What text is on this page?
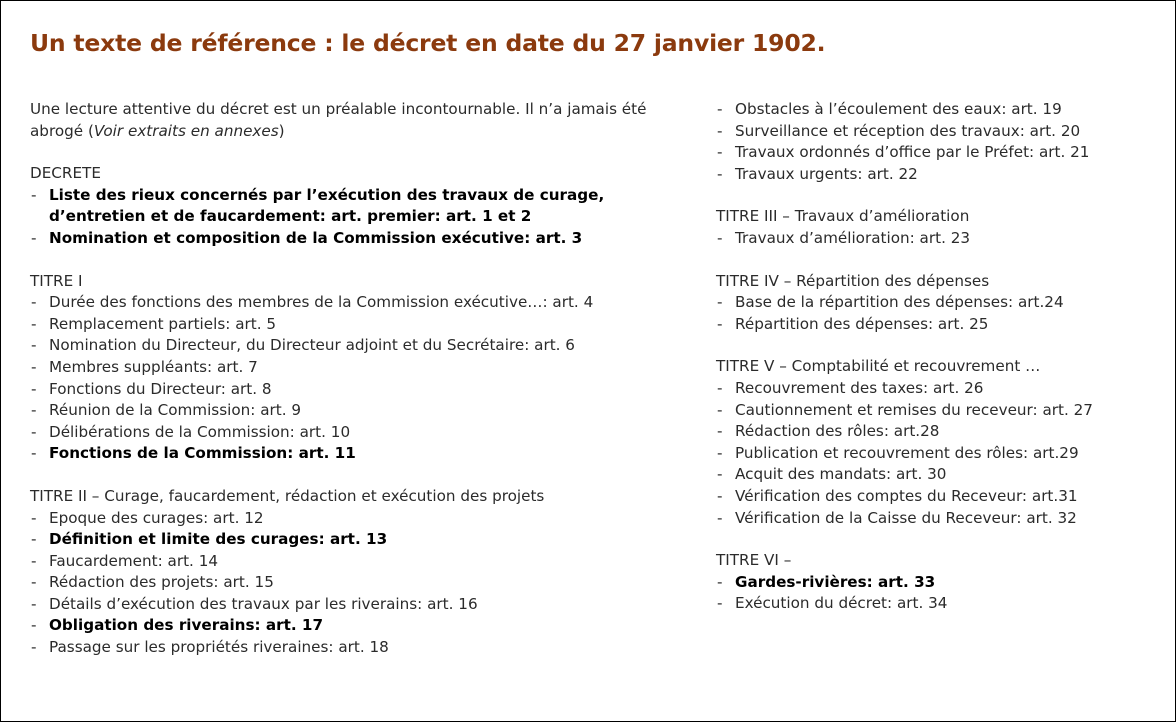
Un texte de référence : le décret en date du 27 janvier 1902.

Une lecture attentive du décret est un préalable incontournable. Il n’a jamais été abrogé (Voir extraits en annexes)

DECRETE

- Liste des rieux concernés par l’exécution des travaux de curage, d’entretien et de faucardement: art. premier: art. 1 et 2
- Nomination et composition de la Commission exécutive: art. 3

TITRE I

- Durée des fonctions des membres de la Commission exécutive…: art. 4
- Remplacement partiels: art. 5
- Nomination du Directeur, du Directeur adjoint et du Secrétaire: art. 6
- Membres suppléants: art. 7
- Fonctions du Directeur: art. 8
- Réunion de la Commission: art. 9
- Délibérations de la Commission: art. 10
- Fonctions de la Commission: art. 11

TITRE II – Curage, faucardement, rédaction et exécution des projets

- Epoque des curages: art. 12
- Définition et limite des curages: art. 13
- Faucardement: art. 14
- Rédaction des projets: art. 15
- Détails d’exécution des travaux par les riverains: art. 16
- Obligation des riverains: art. 17
- Passage sur les propriétés riveraines: art. 18
- Obstacles à l’écoulement des eaux: art. 19
- Surveillance et réception des travaux: art. 20
- Travaux ordonnés d’office par le Préfet: art. 21
- Travaux urgents: art. 22

TITRE III – Travaux d’amélioration

- Travaux d’amélioration: art. 23

TITRE IV – Répartition des dépenses

- Base de la répartition des dépenses: art.24
- Répartition des dépenses: art. 25

TITRE V – Comptabilité et recouvrement …

- Recouvrement des taxes: art. 26
- Cautionnement et remises du receveur: art. 27
- Rédaction des rôles: art.28
- Publication et recouvrement des rôles: art.29
- Acquit des mandats: art. 30
- Vérification des comptes du Receveur: art.31
- Vérification de la Caisse du Receveur: art. 32

TITRE VI –

- Gardes-rivières: art. 33
- Exécution du décret: art. 34
